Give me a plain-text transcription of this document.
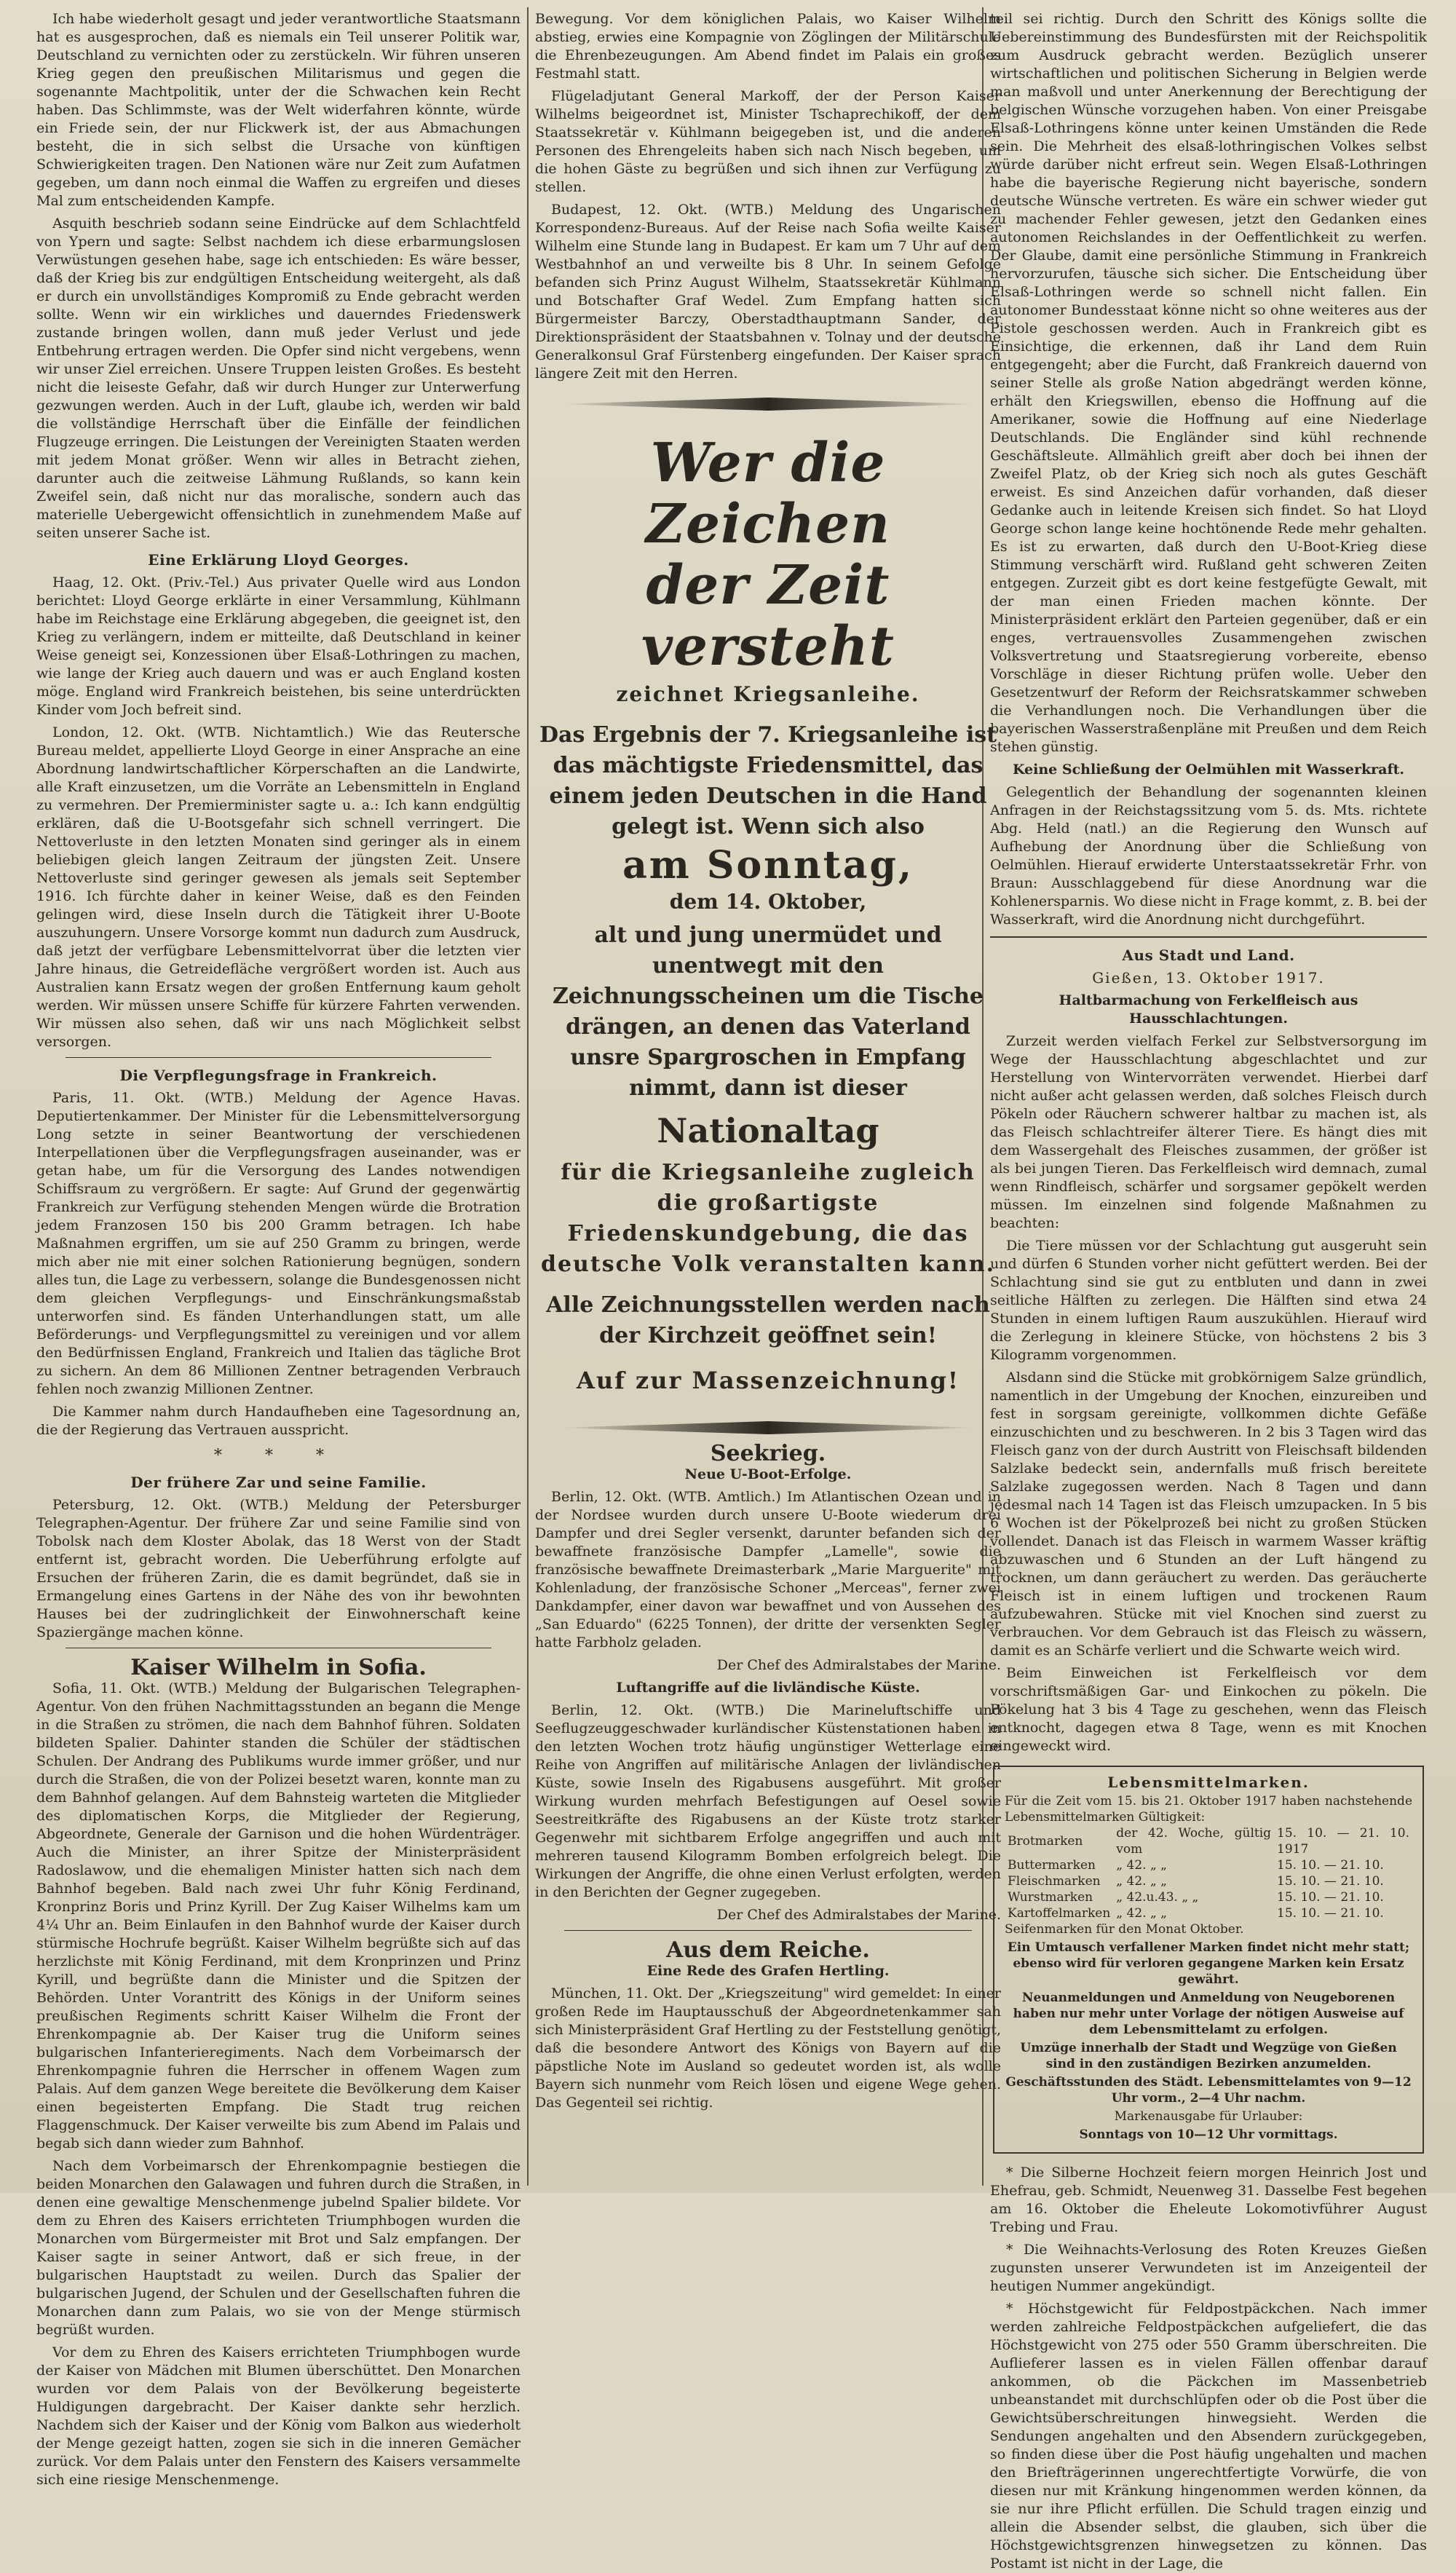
Ich habe wiederholt gesagt und jeder verantwortliche Staatsmann hat es ausgesprochen, daß es niemals ein Teil unserer Politik war, Deutschland zu vernichten oder zu zerstückeln. Wir führen unseren Krieg gegen den preußischen Militarismus und gegen die sogenannte Machtpolitik, unter der die Schwachen kein Recht haben. Das Schlimmste, was der Welt widerfahren könnte, würde ein Friede sein, der nur Flickwerk ist, der aus Abmachungen besteht, die in sich selbst die Ursache von künftigen Schwierigkeiten tragen. Den Nationen wäre nur Zeit zum Aufatmen gegeben, um dann noch einmal die Waffen zu ergreifen und dieses Mal zum entscheidenden Kampfe.

Asquith beschrieb sodann seine Eindrücke auf dem Schlachtfeld von Ypern und sagte: Selbst nachdem ich diese erbarmungslosen Verwüstungen gesehen habe, sage ich entschieden: Es wäre besser, daß der Krieg bis zur endgültigen Entscheidung weitergeht, als daß er durch ein unvollständiges Kompromiß zu Ende gebracht werden sollte. Wenn wir ein wirkliches und dauerndes Friedenswerk zustande bringen wollen, dann muß jeder Verlust und jede Entbehrung ertragen werden. Die Opfer sind nicht vergebens, wenn wir unser Ziel erreichen. Unsere Truppen leisten Großes. Es besteht nicht die leiseste Gefahr, daß wir durch Hunger zur Unterwerfung gezwungen werden. Auch in der Luft, glaube ich, werden wir bald die vollständige Herrschaft über die Einfälle der feindlichen Flugzeuge erringen. Die Leistungen der Vereinigten Staaten werden mit jedem Monat größer. Wenn wir alles in Betracht ziehen, darunter auch die zeitweise Lähmung Rußlands, so kann kein Zweifel sein, daß nicht nur das moralische, sondern auch das materielle Uebergewicht offensichtlich in zunehmendem Maße auf seiten unserer Sache ist.

Eine Erklärung Lloyd Georges.

Haag, 12. Okt. (Priv.-Tel.) Aus privater Quelle wird aus London berichtet: Lloyd George erklärte in einer Versammlung, Kühlmann habe im Reichstage eine Erklärung abgegeben, die geeignet ist, den Krieg zu verlängern, indem er mitteilte, daß Deutschland in keiner Weise geneigt sei, Konzessionen über Elsaß-Lothringen zu machen, wie lange der Krieg auch dauern und was er auch England kosten möge. England wird Frankreich beistehen, bis seine unterdrückten Kinder vom Joch befreit sind.

London, 12. Okt. (WTB. Nichtamtlich.) Wie das Reutersche Bureau meldet, appellierte Lloyd George in einer Ansprache an eine Abordnung landwirtschaftlicher Körperschaften an die Landwirte, alle Kraft einzusetzen, um die Vorräte an Lebensmitteln in England zu vermehren. Der Premierminister sagte u. a.: Ich kann endgültig erklären, daß die U-Bootsgefahr sich schnell verringert. Die Nettoverluste in den letzten Monaten sind geringer als in einem beliebigen gleich langen Zeitraum der jüngsten Zeit. Unsere Nettoverluste sind geringer gewesen als jemals seit September 1916. Ich fürchte daher in keiner Weise, daß es den Feinden gelingen wird, diese Inseln durch die Tätigkeit ihrer U-Boote auszuhungern. Unsere Vorsorge kommt nun dadurch zum Ausdruck, daß jetzt der verfügbare Lebensmittelvorrat über die letzten vier Jahre hinaus, die Getreidefläche vergrößert worden ist. Auch aus Australien kann Ersatz wegen der großen Entfernung kaum geholt werden. Wir müssen unsere Schiffe für kürzere Fahrten verwenden. Wir müssen also sehen, daß wir uns nach Möglichkeit selbst versorgen.

Die Verpflegungsfrage in Frankreich.

Paris, 11. Okt. (WTB.) Meldung der Agence Havas. Deputiertenkammer. Der Minister für die Lebensmittelversorgung Long setzte in seiner Beantwortung der verschiedenen Interpellationen über die Verpflegungsfragen auseinander, was er getan habe, um für die Versorgung des Landes notwendigen Schiffsraum zu vergrößern. Er sagte: Auf Grund der gegenwärtig Frankreich zur Verfügung stehenden Mengen würde die Brotration jedem Franzosen 150 bis 200 Gramm betragen. Ich habe Maßnahmen ergriffen, um sie auf 250 Gramm zu bringen, werde mich aber nie mit einer solchen Rationierung begnügen, sondern alles tun, die Lage zu verbessern, solange die Bundesgenossen nicht dem gleichen Verpflegungs- und Einschränkungsmaßstab unterworfen sind. Es fänden Unterhandlungen statt, um alle Beförderungs- und Verpflegungsmittel zu vereinigen und vor allem den Bedürfnissen England, Frankreich und Italien das tägliche Brot zu sichern. An dem 86 Millionen Zentner betragenden Verbrauch fehlen noch zwanzig Millionen Zentner.

Die Kammer nahm durch Handaufheben eine Tagesordnung an, die der Regierung das Vertrauen ausspricht.

* * *
Der frühere Zar und seine Familie.

Petersburg, 12. Okt. (WTB.) Meldung der Petersburger Telegraphen-Agentur. Der frühere Zar und seine Familie sind von Tobolsk nach dem Kloster Abolak, das 18 Werst von der Stadt entfernt ist, gebracht worden. Die Ueberführung erfolgte auf Ersuchen der früheren Zarin, die es damit begründet, daß sie in Ermangelung eines Gartens in der Nähe des von ihr bewohnten Hauses bei der zudringlichkeit der Einwohnerschaft keine Spaziergänge machen könne.

Kaiser Wilhelm in Sofia.

Sofia, 11. Okt. (WTB.) Meldung der Bulgarischen Telegraphen-Agentur. Von den frühen Nachmittagsstunden an begann die Menge in die Straßen zu strömen, die nach dem Bahnhof führen. Soldaten bildeten Spalier. Dahinter standen die Schüler der städtischen Schulen. Der Andrang des Publikums wurde immer größer, und nur durch die Straßen, die von der Polizei besetzt waren, konnte man zu dem Bahnhof gelangen. Auf dem Bahnsteig warteten die Mitglieder des diplomatischen Korps, die Mitglieder der Regierung, Abgeordnete, Generale der Garnison und die hohen Würdenträger. Auch die Minister, an ihrer Spitze der Ministerpräsident Radoslawow, und die ehemaligen Minister hatten sich nach dem Bahnhof begeben. Bald nach zwei Uhr fuhr König Ferdinand, Kronprinz Boris und Prinz Kyrill. Der Zug Kaiser Wilhelms kam um 4¼ Uhr an. Beim Einlaufen in den Bahnhof wurde der Kaiser durch stürmische Hochrufe begrüßt. Kaiser Wilhelm begrüßte sich auf das herzlichste mit König Ferdinand, mit dem Kronprinzen und Prinz Kyrill, und begrüßte dann die Minister und die Spitzen der Behörden. Unter Vorantritt des Königs in der Uniform seines preußischen Regiments schritt Kaiser Wilhelm die Front der Ehrenkompagnie ab. Der Kaiser trug die Uniform seines bulgarischen Infanterieregiments. Nach dem Vorbeimarsch der Ehrenkompagnie fuhren die Herrscher in offenem Wagen zum Palais. Auf dem ganzen Wege bereitete die Bevölkerung dem Kaiser einen begeisterten Empfang. Die Stadt trug reichen Flaggenschmuck. Der Kaiser verweilte bis zum Abend im Palais und begab sich dann wieder zum Bahnhof.

Nach dem Vorbeimarsch der Ehrenkompagnie bestiegen die beiden Monarchen den Galawagen und fuhren durch die Straßen, in denen eine gewaltige Menschenmenge jubelnd Spalier bildete. Vor dem zu Ehren des Kaisers errichteten Triumphbogen wurden die Monarchen vom Bürgermeister mit Brot und Salz empfangen. Der Kaiser sagte in seiner Antwort, daß er sich freue, in der bulgarischen Hauptstadt zu weilen. Durch das Spalier der bulgarischen Jugend, der Schulen und der Gesellschaften fuhren die Monarchen dann zum Palais, wo sie von der Menge stürmisch begrüßt wurden.

Vor dem zu Ehren des Kaisers errichteten Triumphbogen wurde der Kaiser von Mädchen mit Blumen überschüttet. Den Monarchen wurden vor dem Palais von der Bevölkerung begeisterte Huldigungen dargebracht. Der Kaiser dankte sehr herzlich. Nachdem sich der Kaiser und der König vom Balkon aus wiederholt der Menge gezeigt hatten, zogen sie sich in die inneren Gemächer zurück. Vor dem Palais unter den Fenstern des Kaisers versammelte sich eine riesige Menschenmenge.

Bewegung. Vor dem königlichen Palais, wo Kaiser Wilhelm abstieg, erwies eine Kompagnie von Zöglingen der Militärschule die Ehrenbezeugungen. Am Abend findet im Palais ein großes Festmahl statt.

Flügeladjutant General Markoff, der der Person Kaiser Wilhelms beigeordnet ist, Minister Tschaprechikoff, der dem Staatssekretär v. Kühlmann beigegeben ist, und die anderen Personen des Ehrengeleits haben sich nach Nisch begeben, um die hohen Gäste zu begrüßen und sich ihnen zur Verfügung zu stellen.

Budapest, 12. Okt. (WTB.) Meldung des Ungarischen Korrespondenz-Bureaus. Auf der Reise nach Sofia weilte Kaiser Wilhelm eine Stunde lang in Budapest. Er kam um 7 Uhr auf dem Westbahnhof an und verweilte bis 8 Uhr. In seinem Gefolge befanden sich Prinz August Wilhelm, Staatssekretär Kühlmann und Botschafter Graf Wedel. Zum Empfang hatten sich Bürgermeister Barczy, Oberstadthauptmann Sander, der Direktionspräsident der Staatsbahnen v. Tolnay und der deutsche Generalkonsul Graf Fürstenberg eingefunden. Der Kaiser sprach längere Zeit mit den Herren.

Wer die Zeichen
der Zeit versteht
zeichnet Kriegsanleihe.
Das Ergebnis der 7. Kriegsanleihe ist das mächtigste Friedensmittel, das einem jeden Deutschen in die Hand gelegt ist. Wenn sich also
am Sonntag,
dem 14. Oktober,
alt und jung unermüdet und unentwegt mit den Zeichnungsscheinen um die Tische drängen, an denen das Vaterland unsre Spargroschen in Empfang nimmt, dann ist dieser
Nationaltag
für die Kriegsanleihe zugleich die großartigste Friedenskundgebung, die das deutsche Volk veranstalten kann.
Alle Zeichnungsstellen werden nach der Kirchzeit geöffnet sein!
Auf zur Massenzeichnung!
Seekrieg.
Neue U-Boot-Erfolge.

Berlin, 12. Okt. (WTB. Amtlich.) Im Atlantischen Ozean und in der Nordsee wurden durch unsere U-Boote wiederum drei Dampfer und drei Segler versenkt, darunter befanden sich der bewaffnete französische Dampfer „Lamelle", sowie die französische bewaffnete Dreimasterbark „Marie Marguerite" mit Kohlenladung, der französische Schoner „Merceas", ferner zwei Dankdampfer, einer davon war bewaffnet und von Aussehen des „San Eduardo" (6225 Tonnen), der dritte der versenkten Segler hatte Farbholz geladen.

Der Chef des Admiralstabes der Marine.

Luftangriffe auf die livländische Küste.

Berlin, 12. Okt. (WTB.) Die Marineluftschiffe und Seeflugzeuggeschwader kurländischer Küstenstationen haben in den letzten Wochen trotz häufig ungünstiger Wetterlage eine Reihe von Angriffen auf militärische Anlagen der livländischen Küste, sowie Inseln des Rigabusens ausgeführt. Mit großer Wirkung wurden mehrfach Befestigungen auf Oesel sowie Seestreitkräfte des Rigabusens an der Küste trotz starker Gegenwehr mit sichtbarem Erfolge angegriffen und auch mit mehreren tausend Kilogramm Bomben erfolgreich belegt. Die Wirkungen der Angriffe, die ohne einen Verlust erfolgten, werden in den Berichten der Gegner zugegeben.

Der Chef des Admiralstabes der Marine.

Aus dem Reiche.
Eine Rede des Grafen Hertling.

München, 11. Okt. Der „Kriegszeitung" wird gemeldet: In einer großen Rede im Hauptausschuß der Abgeordnetenkammer sah sich Ministerpräsident Graf Hertling zu der Feststellung genötigt, daß die besondere Antwort des Königs von Bayern auf die päpstliche Note im Ausland so gedeutet worden ist, als wolle Bayern sich nunmehr vom Reich lösen und eigene Wege gehen. Das Gegenteil sei richtig.

teil sei richtig. Durch den Schritt des Königs sollte die Uebereinstimmung des Bundesfürsten mit der Reichspolitik zum Ausdruck gebracht werden. Bezüglich unserer wirtschaftlichen und politischen Sicherung in Belgien werde man maßvoll und unter Anerkennung der Berechtigung der belgischen Wünsche vorzugehen haben. Von einer Preisgabe Elsaß-Lothringens könne unter keinen Umständen die Rede sein. Die Mehrheit des elsaß-lothringischen Volkes selbst würde darüber nicht erfreut sein. Wegen Elsaß-Lothringen habe die bayerische Regierung nicht bayerische, sondern deutsche Wünsche vertreten. Es wäre ein schwer wieder gut zu machender Fehler gewesen, jetzt den Gedanken eines autonomen Reichslandes in der Oeffentlichkeit zu werfen. Der Glaube, damit eine persönliche Stimmung in Frankreich hervorzurufen, täusche sich sicher. Die Entscheidung über Elsaß-Lothringen werde so schnell nicht fallen. Ein autonomer Bundesstaat könne nicht so ohne weiteres aus der Pistole geschossen werden. Auch in Frankreich gibt es Einsichtige, die erkennen, daß ihr Land dem Ruin entgegengeht; aber die Furcht, daß Frankreich dauernd von seiner Stelle als große Nation abgedrängt werden könne, erhält den Kriegswillen, ebenso die Hoffnung auf die Amerikaner, sowie die Hoffnung auf eine Niederlage Deutschlands. Die Engländer sind kühl rechnende Geschäftsleute. Allmählich greift aber doch bei ihnen der Zweifel Platz, ob der Krieg sich noch als gutes Geschäft erweist. Es sind Anzeichen dafür vorhanden, daß dieser Gedanke auch in leitende Kreisen sich findet. So hat Lloyd George schon lange keine hochtönende Rede mehr gehalten. Es ist zu erwarten, daß durch den U-Boot-Krieg diese Stimmung verschärft wird. Rußland geht schweren Zeiten entgegen. Zurzeit gibt es dort keine festgefügte Gewalt, mit der man einen Frieden machen könnte. Der Ministerpräsident erklärt den Parteien gegenüber, daß er ein enges, vertrauensvolles Zusammengehen zwischen Volksvertretung und Staatsregierung vorbereite, ebenso Vorschläge in dieser Richtung prüfen wolle. Ueber den Gesetzentwurf der Reform der Reichsratskammer schweben die Verhandlungen noch. Die Verhandlungen über die bayerischen Wasserstraßenpläne mit Preußen und dem Reich stehen günstig.

Keine Schließung der Oelmühlen mit Wasserkraft.

Gelegentlich der Behandlung der sogenannten kleinen Anfragen in der Reichstagssitzung vom 5. ds. Mts. richtete Abg. Held (natl.) an die Regierung den Wunsch auf Aufhebung der Anordnung über die Schließung von Oelmühlen. Hierauf erwiderte Unterstaatssekretär Frhr. von Braun: Ausschlaggebend für diese Anordnung war die Kohlenersparnis. Wo diese nicht in Frage kommt, z. B. bei der Wasserkraft, wird die Anordnung nicht durchgeführt.

Aus Stadt und Land.
Gießen, 13. Oktober 1917.
Haltbarmachung von Ferkelfleisch aus Hausschlachtungen.

Zurzeit werden vielfach Ferkel zur Selbstversorgung im Wege der Hausschlachtung abgeschlachtet und zur Herstellung von Wintervorräten verwendet. Hierbei darf nicht außer acht gelassen werden, daß solches Fleisch durch Pökeln oder Räuchern schwerer haltbar zu machen ist, als das Fleisch schlachtreifer älterer Tiere. Es hängt dies mit dem Wassergehalt des Fleisches zusammen, der größer ist als bei jungen Tieren. Das Ferkelfleisch wird demnach, zumal wenn Rindfleisch, schärfer und sorgsamer gepökelt werden müssen. Im einzelnen sind folgende Maßnahmen zu beachten:

Die Tiere müssen vor der Schlachtung gut ausgeruht sein und dürfen 6 Stunden vorher nicht gefüttert werden. Bei der Schlachtung sind sie gut zu entbluten und dann in zwei seitliche Hälften zu zerlegen. Die Hälften sind etwa 24 Stunden in einem luftigen Raum auszukühlen. Hierauf wird die Zerlegung in kleinere Stücke, von höchstens 2 bis 3 Kilogramm vorgenommen.

Alsdann sind die Stücke mit grobkörnigem Salze gründlich, namentlich in der Umgebung der Knochen, einzureiben und fest in sorgsam gereinigte, vollkommen dichte Gefäße einzuschichten und zu beschweren. In 2 bis 3 Tagen wird das Fleisch ganz von der durch Austritt von Fleischsaft bildenden Salzlake bedeckt sein, andernfalls muß frisch bereitete Salzlake zugegossen werden. Nach 8 Tagen und dann jedesmal nach 14 Tagen ist das Fleisch umzupacken. In 5 bis 6 Wochen ist der Pökelprozeß bei nicht zu großen Stücken vollendet. Danach ist das Fleisch in warmem Wasser kräftig abzuwaschen und 6 Stunden an der Luft hängend zu trocknen, um dann geräuchert zu werden. Das geräucherte Fleisch ist in einem luftigen und trockenen Raum aufzubewahren. Stücke mit viel Knochen sind zuerst zu verbrauchen. Vor dem Gebrauch ist das Fleisch zu wässern, damit es an Schärfe verliert und die Schwarte weich wird.

Beim Einweichen ist Ferkelfleisch vor dem vorschriftsmäßigen Gar- und Einkochen zu pökeln. Die Pökelung hat 3 bis 4 Tage zu geschehen, wenn das Fleisch entknocht, dagegen etwa 8 Tage, wenn es mit Knochen eingeweckt wird.

Lebensmittelmarken.
Für die Zeit vom 15. bis 21. Oktober 1917 haben nachstehende Lebensmittelmarken Gültigkeit:
Brotmarken	der 42. Woche, gültig vom	15. 10. — 21. 10. 1917
Buttermarken	„ 42. „ „	15. 10. — 21. 10.
Fleischmarken	„ 42. „ „	15. 10. — 21. 10.
Wurstmarken	„ 42.u.43. „ „	15. 10. — 21. 10.
Kartoffelmarken	„ 42. „ „	15. 10. — 21. 10.
Seifenmarken für den Monat Oktober.
Ein Umtausch verfallener Marken findet nicht mehr statt; ebenso wird für verloren gegangene Marken kein Ersatz gewährt.
Neuanmeldungen und Anmeldung von Neugeborenen haben nur mehr unter Vorlage der nötigen Ausweise auf dem Lebensmittelamt zu erfolgen.
Umzüge innerhalb der Stadt und Wegzüge von Gießen sind in den zuständigen Bezirken anzumelden.
Geschäftsstunden des Städt. Lebensmittelamtes von 9—12 Uhr vorm., 2—4 Uhr nachm.
Markenausgabe für Urlauber:
Sonntags von 10—12 Uhr vormittags.

* Die Silberne Hochzeit feiern morgen Heinrich Jost und Ehefrau, geb. Schmidt, Neuenweg 31. Dasselbe Fest begehen am 16. Oktober die Eheleute Lokomotivführer August Trebing und Frau.

* Die Weihnachts-Verlosung des Roten Kreuzes Gießen zugunsten unserer Verwundeten ist im Anzeigenteil der heutigen Nummer angekündigt.

* Höchstgewicht für Feldpostpäckchen. Nach immer werden zahlreiche Feldpostpäckchen aufgeliefert, die das Höchstgewicht von 275 oder 550 Gramm überschreiten. Die Auflieferer lassen es in vielen Fällen offenbar darauf ankommen, ob die Päckchen im Massenbetrieb unbeanstandet mit durchschlüpfen oder ob die Post über die Gewichtsüberschreitungen hinwegsieht. Werden die Sendungen angehalten und den Absendern zurückgegeben, so finden diese über die Post häufig ungehalten und machen den Briefträgerinnen ungerechtfertigte Vorwürfe, die von diesen nur mit Kränkung hingenommen werden können, da sie nur ihre Pflicht erfüllen. Die Schuld tragen einzig und allein die Absender selbst, die glauben, sich über die Höchstgewichtsgrenzen hinwegsetzen zu können. Das Postamt ist nicht in der Lage, die
